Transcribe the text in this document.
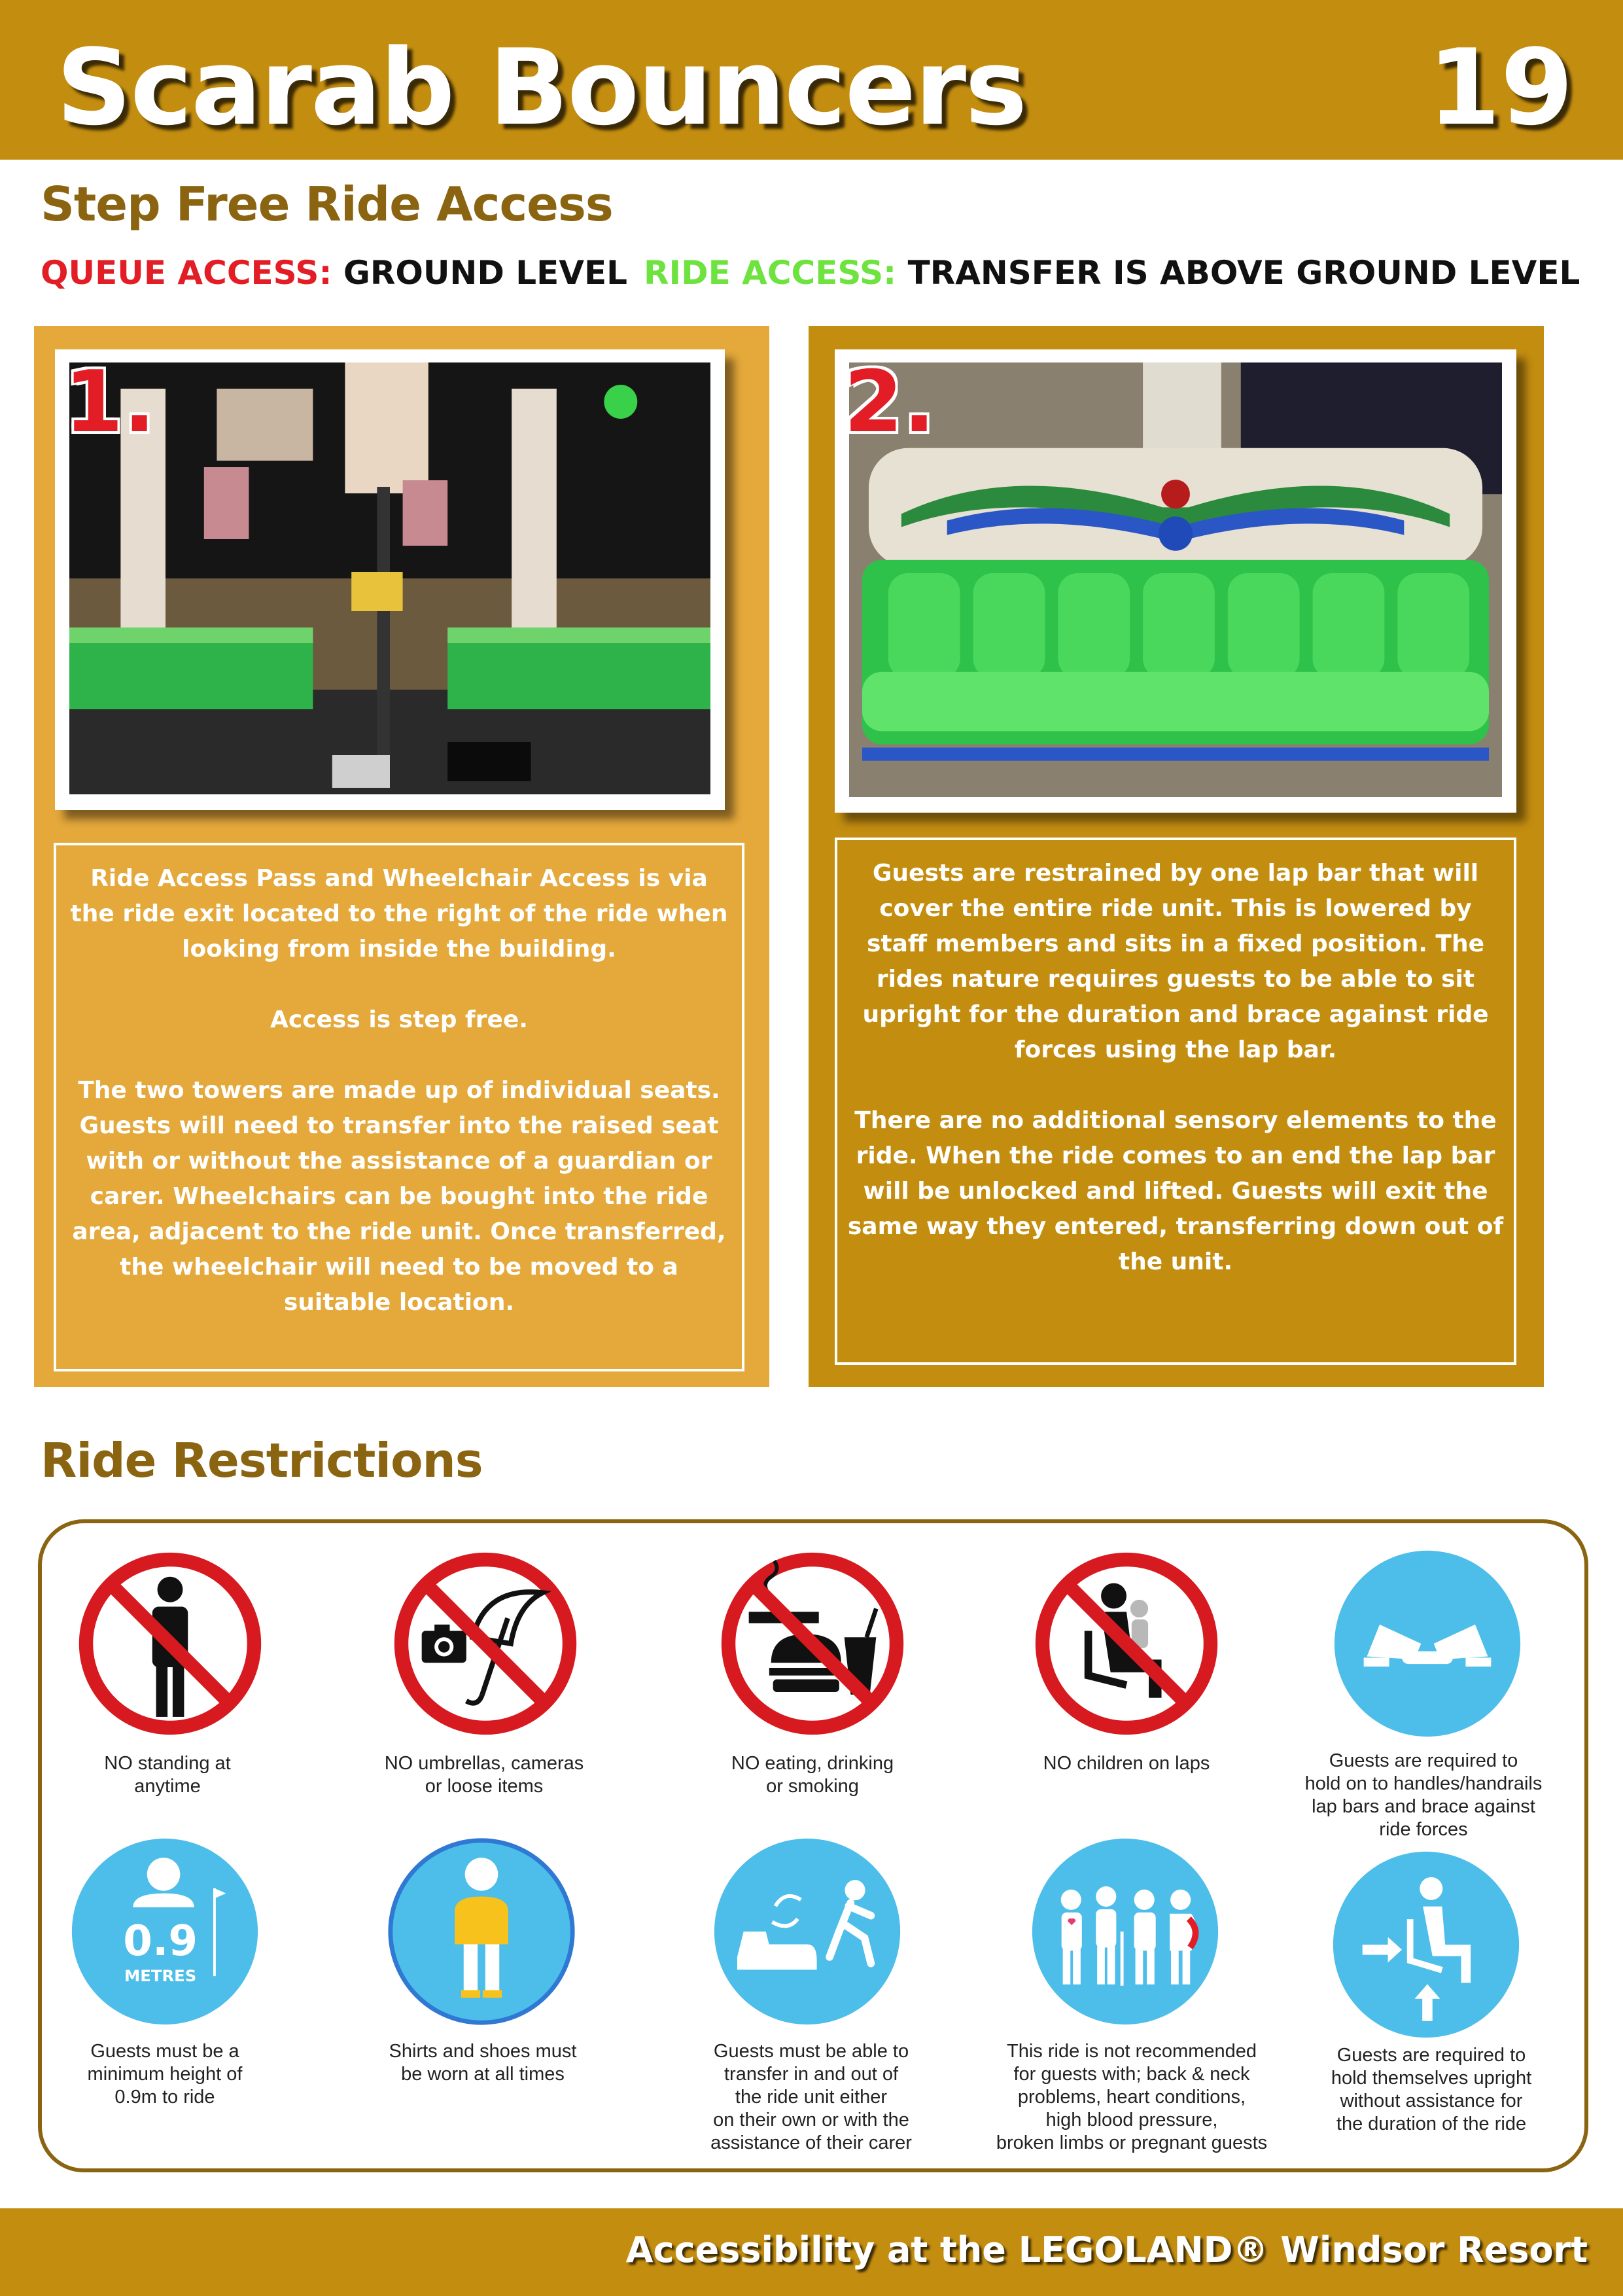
Scarab Bouncers	19
Step Free Ride Access
QUEUE ACCESS: GROUND LEVEL RIDE ACCESS: TRANSFER IS ABOVE GROUND LEVEL
1.

Ride Access Pass and Wheelchair Access is via the ride exit located to the right of the ride when looking from inside the building.

Access is step free.

The two towers are made up of individual seats. Guests will need to transfer into the raised seat with or without the assistance of a guardian or carer. Wheelchairs can be bought into the ride area, adjacent to the ride unit. Once transferred, the wheelchair will need to be moved to a suitable location.

2.

Guests are restrained by one lap bar that will cover the entire ride unit. This is lowered by staff members and sits in a fixed position. The rides nature requires guests to be able to sit upright for the duration and brace against ride forces using the lap bar.

There are no additional sensory elements to the ride. When the ride comes to an end the lap bar will be unlocked and lifted. Guests will exit the same way they entered, transferring down out of the unit.

Ride Restrictions
NO standing at
anytime
NO umbrellas, cameras
or loose items
NO eating, drinking
or smoking
NO children on laps	Guests are required to
hold on to handles/handrails
lap bars and brace against
ride forces
0.9
METRES
Guests must be a
minimum height of
0.9m to ride
Shirts and shoes must
be worn at all times
Guests must be able to
transfer in and out of
the ride unit either
on their own or with the
assistance of their carer
This ride is not recommended
for guests with; back & neck
problems, heart conditions,
high blood pressure,
broken limbs or pregnant guests
Guests are required to
hold themselves upright
without assistance for
the duration of the ride
Accessibility at the LEGOLAND® Windsor Resort
